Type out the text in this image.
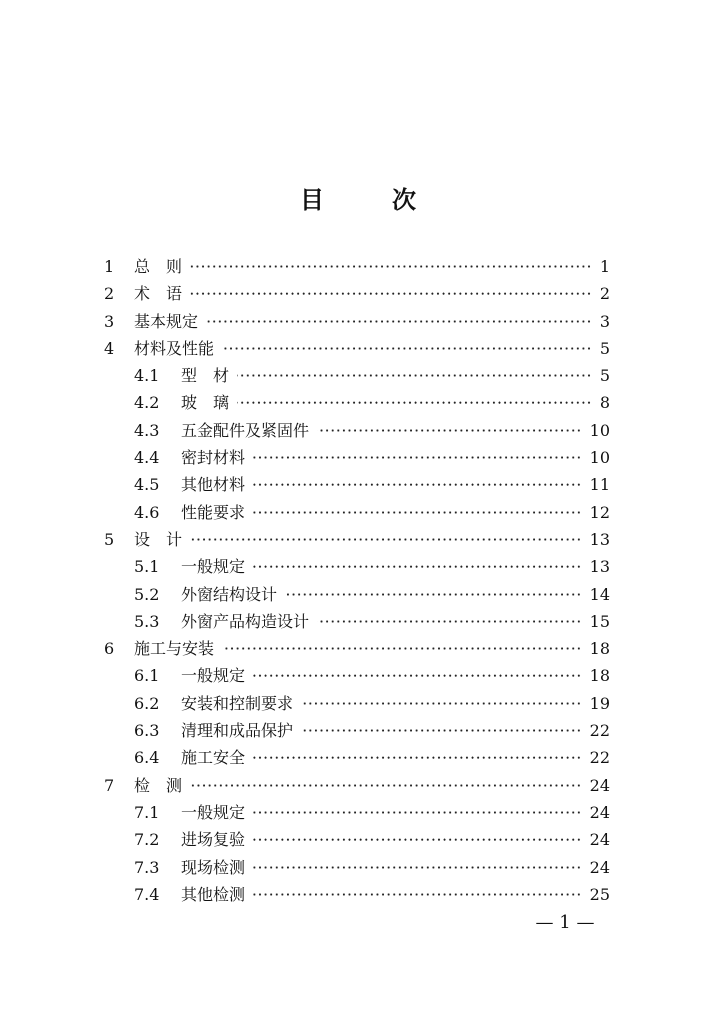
目　次
1 总　则	1
2 术　语	2
3 基本规定	3
4 材料及性能	5
4.1 型　材	5
4.2 玻　璃	8
4.3 五金配件及紧固件	10
4.4 密封材料	10
4.5 其他材料	11
4.6 性能要求	12
5 设　计	13
5.1 一般规定	13
5.2 外窗结构设计	14
5.3 外窗产品构造设计	15
6 施工与安装	18
6.1 一般规定	18
6.2 安装和控制要求	19
6.3 清理和成品保护	22
6.4 施工安全	22
7 检　测	24
7.1 一般规定	24
7.2 进场复验	24
7.3 现场检测	24
7.4 其他检测	25
— 1 —
